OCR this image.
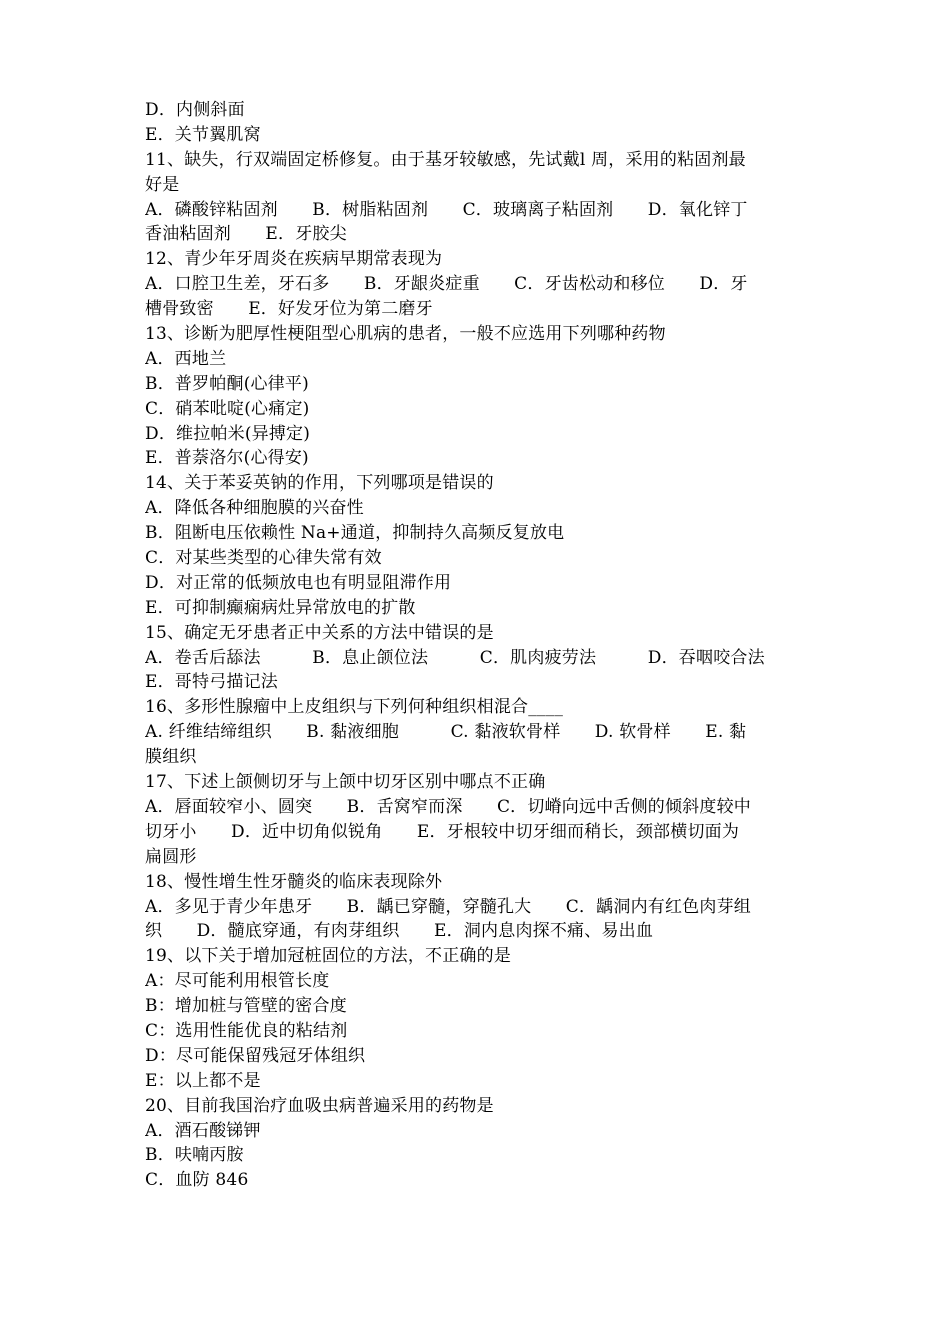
D．内侧斜面
E．关节翼肌窝
11、缺失，行双端固定桥修复。由于基牙较敏感，先试戴l 周，采用的粘固剂最
好是
A．磷酸锌粘固剂　　B．树脂粘固剂　　C．玻璃离子粘固剂　　D．氧化锌丁
香油粘固剂　　E．牙胶尖
12、青少年牙周炎在疾病早期常表现为
A．口腔卫生差，牙石多　　B．牙龈炎症重　　C．牙齿松动和移位　　D．牙
槽骨致密　　E．好发牙位为第二磨牙
13、诊断为肥厚性梗阻型心肌病的患者，一般不应选用下列哪种药物
A．西地兰
B．普罗帕酮(心律平)
C．硝苯吡啶(心痛定)
D．维拉帕米(异搏定)
E．普萘洛尔(心得安)
14、关于苯妥英钠的作用，下列哪项是错误的
A．降低各种细胞膜的兴奋性
B．阻断电压依赖性 Na+通道，抑制持久高频反复放电
C．对某些类型的心律失常有效
D．对正常的低频放电也有明显阻滞作用
E．可抑制癫痫病灶异常放电的扩散
15、确定无牙患者正中关系的方法中错误的是
A．卷舌后舔法　　　B．息止颌位法　　　C．肌肉疲劳法　　　D．吞咽咬合法
E．哥特弓描记法
16、多形性腺瘤中上皮组织与下列何种组织相混合____
A. 纤维结缔组织　　B. 黏液细胞　　　C. 黏液软骨样　　D. 软骨样　　E. 黏
膜组织
17、下述上颌侧切牙与上颌中切牙区别中哪点不正确
A．唇面较窄小、圆突　　B．舌窝窄而深　　C．切嵴向远中舌侧的倾斜度较中
切牙小　　D．近中切角似锐角　　E．牙根较中切牙细而稍长，颈部横切面为
扁圆形
18、慢性增生性牙髓炎的临床表现除外
A．多见于青少年患牙　　B．龋已穿髓，穿髓孔大　　C．龋洞内有红色肉芽组
织　　D．髓底穿通，有肉芽组织　　E．洞内息肉探不痛、易出血
19、以下关于增加冠桩固位的方法，不正确的是
A：尽可能利用根管长度
B：增加桩与管壁的密合度
C：选用性能优良的粘结剂
D：尽可能保留残冠牙体组织
E：以上都不是
20、目前我国治疗血吸虫病普遍采用的药物是
A．酒石酸锑钾
B．呋喃丙胺
C．血防 846
